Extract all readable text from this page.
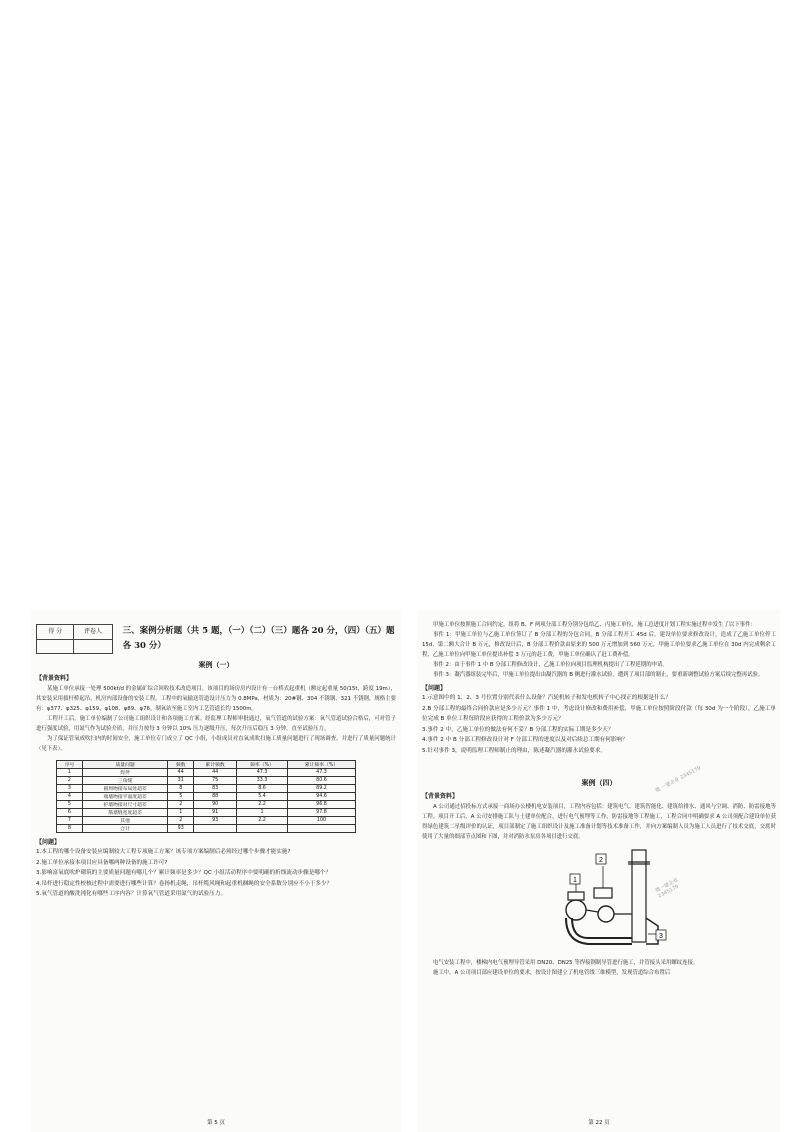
得 分	评卷人	三、案例分析题（共 5 题，（一）（二）（三）题各 20 分，（四）（五）题各 30 分）
案例（一）
【背景资料】

某施工单位承接一处理 500kt/d 的金属矿综合回收技术改造项目，该项目的场房房内设计有一台桥式起重机（额定起重量 50/15t，跨度 19m），其安装采用拔杆桥起吊，机房内部设备的安装工程，工程中的氧输送管道设计压力为 0.8MPa，材质为：20#钢、304 不锈钢、321 不锈钢，规格主要有：φ377、φ325、φ159、φ108、φ89、φ76，制氧站至施工室内工艺管道长约 1500m。

工程开工后，施工单位编制了公司施工组织设计和各项施工方案。经监理工程师审批通过，氧气管道的试验方案：氧气管道试验合格后，可对管子进行强度试验，用氮气作为试验介质，并压力按每 3 分钟以 10% 压力逐级升压，每次升压后稳压 3 分钟，直至试验压力。

为了保证管氧成吹扫内的时间安全，施工单位专门成立了 QC 小组，小组成员对直氧成吹扫施工质量问题进行了现场调查，并进行了质量问题统计（见下表）。

序号	质量问题	频数	累计频数	频率（%）	累计频率（%）
1	焊伴	44	44	47.3	47.3
2	三角缝	31	75	33.3	80.6
3	圆周吻接布局处超差	8	83	8.6	89.2
4	端墙吻接平面度超差	5	88	5.4	94.6
5	护墙吻接对尺寸超差	2	90	2.2	96.8
6	筋墙缝宽度超差	1	91	1	97.8
7	其他	2	93	2.2	100
8	合计	93			
【问题】

1.本工程的哪个设备安装应编制较大工程专项施工方案？该专项方案编制后必须经过哪个步骤才能实施?

2.施工单位承接本项目应具备哪两种设备的施工许可?

3.影响富氧底吹炉砌筑的主要质量问题有哪几个？累计频率是多少？QC 小组活动程序中要明确的折线流动步骤是哪个？

4.吊杆进行稳定性校核过程中需要进行哪些计算？卷扬机走绳，吊杆缆风绳和起重机捆绳的安全系数分别应不小于多少？

5.氧气管道的酸洗钝化有哪些工序内容？计算氧气管道采用氮气的试验压力。

第 5 页

甲施工单位按照施工合同约定，组将 B、F 两项分部工程分别分包给乙、丙施工单位，施工总进度计划工程实施过程中发生了以下事件：

事件 1：甲施工单位与乙施工单位签订了 B 分部工程的分包合同，B 分部工程开工 45d 后，建设单位要求修改设计，造成了乙施工单位停工 15d，第二额大合计 B 万元，修改设计后，B 分部工程价款由原来的 500 万元增加到 560 万元，甲施工单位要求乙施工单位在 30d 内完成剩余工程，乙施工单位向甲施工单位提出补偿 3 万元的赶工费，甲施工单位确认了赶工费补偿。

事件 2：由于事件 1 中 B 分部工程修改设计，乙施工单位向项目监理机构提出了工程延期的申请。

事件 3：凝汽器组装完毕后，甲施工单位提出由凝汽器的 B 侧进行灌水试验，遭到了项目部的制止，要重新调整试验方案后续完整再试验。

【问题】

1.示意图中的 1、2、3 号位置分别代表什么设备？汽轮机转子和发电机转子中心找正的根据是什么？

2.B 分部工程的最终合同价款应是多少万元？事件 1 中，考虑设计修改和费用补偿，甲施工单位按照阶段付款（每 30d 为一个阶段），乙施工单位完成 B 单位工程每阶段应获得的工程价款为多少万元？

3.事件 2 中，乙施工单位的做法有何不妥？B 分部工程的实际工期是多少天？

4.事件 2 中 B 分部工程修改设计对 F 分部工程的进度以及对后续总工期有何影响？

5.针对事件 3，说明监理工程师制止的理由，陈述凝汽器的灌水试验要求。

微 一建企业 2345179
案例（四）
【背景资料】

A 公司通过招投标方式承接一商场办公楼机电安装项目，工程内容包括：建筑电气、建筑智能化、建筑给排水、通风与空调、消防、防雷接地等工程。项目开工后，A 公司安排施工队与土建单位配合，进行电气预埋等工作，防雷接地等工程施工，工程合同中明确要求 A 公司须配合建设单位获得绿色建筑二星级评价的认证，项目部制定了施工组织设计及施工准备计划等技术准备工作，并向方案编制人员为施工人员进行了技术交底，交底时使用了大量的细部节点图和下图，并对消防水泵房各项目进行交底。

2
1
3
微一建企业 2345179

电气安装工程中，楼梯内电气预埋导管采用 DN20、DN25 等焊接钢制导管进行施工，并管接头采用螺纹连接。

施工中，A 公司项目部应建设单位的要求，按设计图建立了机电管线三维模型，发现管道综合布置后

第 22 页
